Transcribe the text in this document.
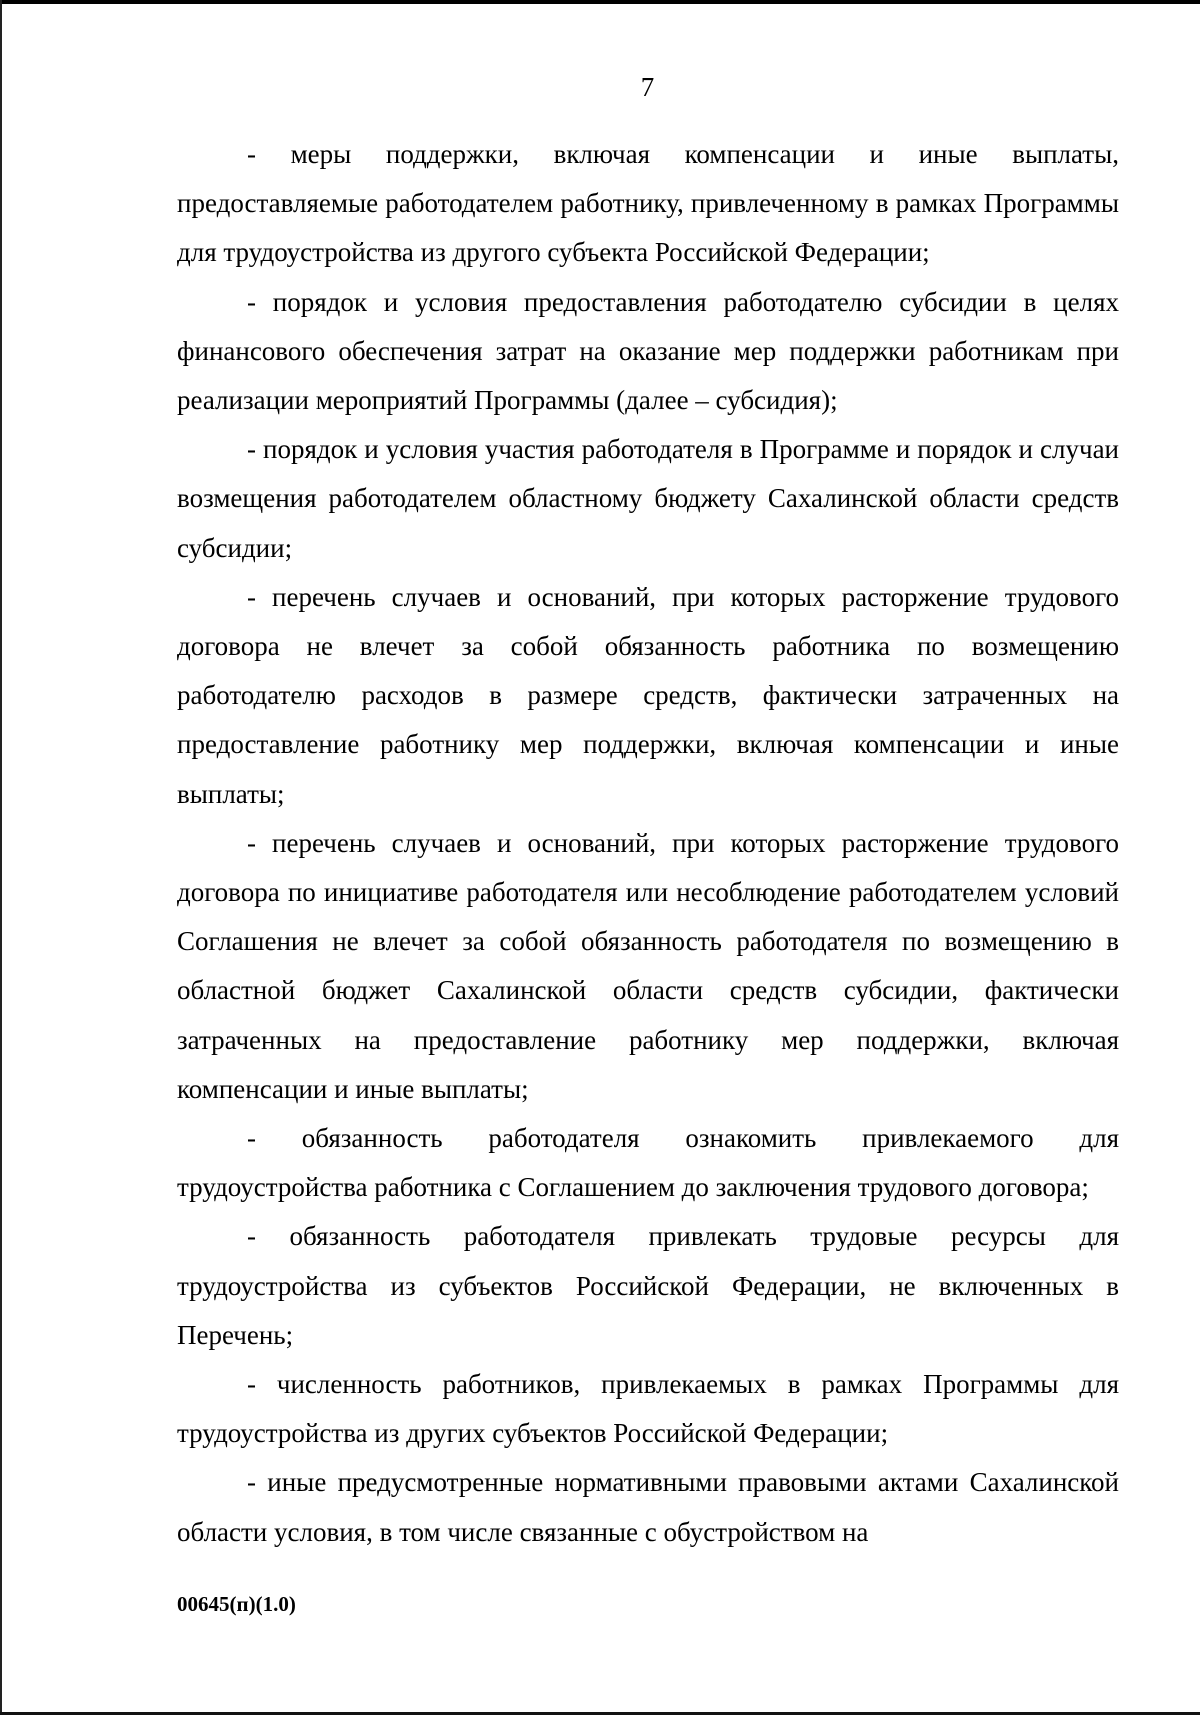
7

- меры поддержки, включая компенсации и иные выплаты, предоставляемые работодателем работнику, привлеченному в рамках Программы для трудоустройства из другого субъекта Российской Федерации;

- порядок и условия предоставления работодателю субсидии в целях финансового обеспечения затрат на оказание мер поддержки работникам при реализации мероприятий Программы (далее – субсидия);

- порядок и условия участия работодателя в Программе и порядок и случаи возмещения работодателем областному бюджету Сахалинской области средств субсидии;

- перечень случаев и оснований, при которых расторжение трудового договора не влечет за собой обязанность работника по возмещению работодателю расходов в размере средств, фактически затраченных на предоставление работнику мер поддержки, включая компенсации и иные выплаты;

- перечень случаев и оснований, при которых расторжение трудового договора по инициативе работодателя или несоблюдение работодателем условий Соглашения не влечет за собой обязанность работодателя по возмещению в областной бюджет Сахалинской области средств субсидии, фактически затраченных на предоставление работнику мер поддержки, включая компенсации и иные выплаты;

- обязанность работодателя ознакомить привлекаемого для трудоустройства работника с Соглашением до заключения трудового договора;

- обязанность работодателя привлекать трудовые ресурсы для трудоустройства из субъектов Российской Федерации, не включенных в Перечень;

- численность работников, привлекаемых в рамках Программы для трудоустройства из других субъектов Российской Федерации;

- иные предусмотренные нормативными правовыми актами Сахалинской области условия, в том числе связанные с обустройством на

00645(п)(1.0)
